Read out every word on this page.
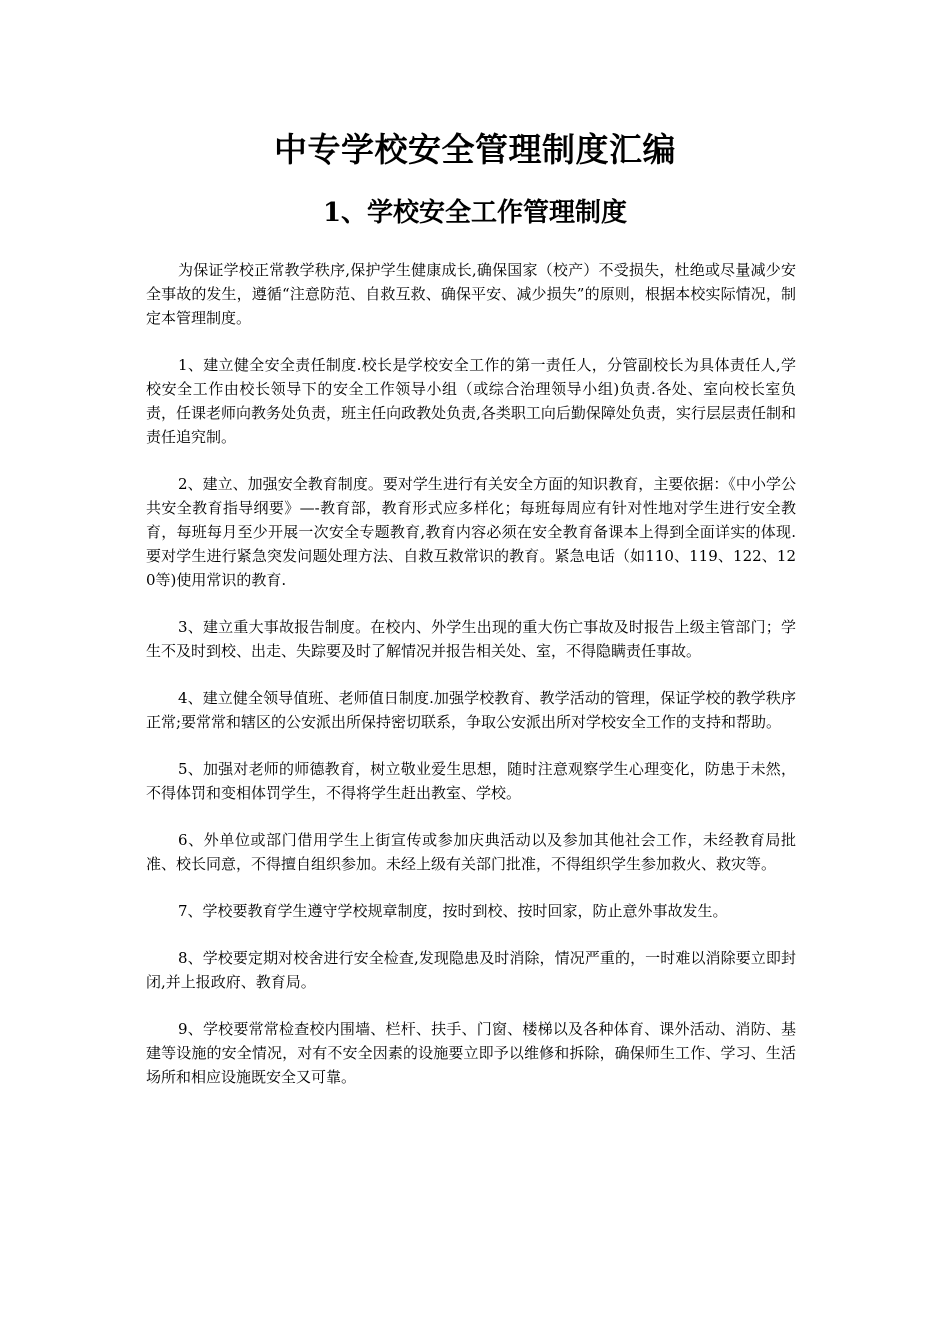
中专学校安全管理制度汇编
1、学校安全工作管理制度

为保证学校正常教学秩序,保护学生健康成长,确保国家（校产）不受损失，杜绝或尽量减少安全事故的发生，遵循“注意防范、自救互救、确保平安、减少损失”的原则，根据本校实际情况，制定本管理制度。

1、建立健全安全责任制度.校长是学校安全工作的第一责任人，分管副校长为具体责任人,学校安全工作由校长领导下的安全工作领导小组（或综合治理领导小组)负责.各处、室向校长室负责，任课老师向教务处负责，班主任向政教处负责,各类职工向后勤保障处负责，实行层层责任制和责任追究制。

2、建立、加强安全教育制度。要对学生进行有关安全方面的知识教育，主要依据：《中小学公共安全教育指导纲要》—-教育部，教育形式应多样化；每班每周应有针对性地对学生进行安全教育，每班每月至少开展一次安全专题教育,教育内容必须在安全教育备课本上得到全面详实的体现.要对学生进行紧急突发问题处理方法、自救互救常识的教育。紧急电话（如110、119、122、120等)使用常识的教育.

3、建立重大事故报告制度。在校内、外学生出现的重大伤亡事故及时报告上级主管部门；学生不及时到校、出走、失踪要及时了解情况并报告相关处、室，不得隐瞒责任事故。

4、建立健全领导值班、老师值日制度.加强学校教育、教学活动的管理，保证学校的教学秩序正常;要常常和辖区的公安派出所保持密切联系，争取公安派出所对学校安全工作的支持和帮助。

5、加强对老师的师德教育，树立敬业爱生思想，随时注意观察学生心理变化，防患于未然，不得体罚和变相体罚学生，不得将学生赶出教室、学校。

6、外单位或部门借用学生上街宣传或参加庆典活动以及参加其他社会工作，未经教育局批准、校长同意，不得擅自组织参加。未经上级有关部门批准，不得组织学生参加救火、救灾等。

7、学校要教育学生遵守学校规章制度，按时到校、按时回家，防止意外事故发生。

8、学校要定期对校舍进行安全检查,发现隐患及时消除，情况严重的，一时难以消除要立即封闭,并上报政府、教育局。

9、学校要常常检查校内围墙、栏杆、扶手、门窗、楼梯以及各种体育、课外活动、消防、基建等设施的安全情况，对有不安全因素的设施要立即予以维修和拆除，确保师生工作、学习、生活场所和相应设施既安全又可靠。
